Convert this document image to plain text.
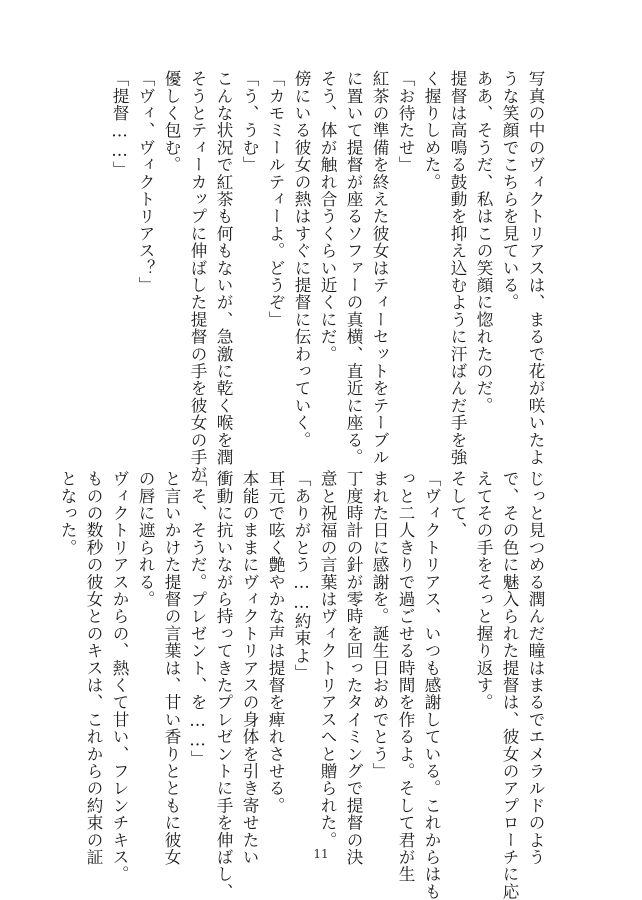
写真の中のヴィクトリアスは、まるで花が咲いたよ

うな笑顔でこちらを見ている。

ああ、そうだ、私はこの笑顔に惚れたのだ。

提督は高鳴る鼓動を抑え込むように汗ばんだ手を強

く握りしめた。

「お待たせ」

紅茶の準備を終えた彼女はティーセットをテーブル

に置いて提督が座るソファーの真横、直近に座る。

そう、体が触れ合うくらい近くにだ。

傍にいる彼女の熱はすぐに提督に伝わっていく。

「カモミールティーよ。どうぞ」

「う、うむ」

こんな状況で紅茶も何もないが、急激に乾く喉を潤

そうとティーカップに伸ばした提督の手を彼女の手が

優しく包む。

「ヴィ、ヴィクトリアス？」

「提督……」

じっと見つめる潤んだ瞳はまるでエメラルドのよう

で、その色に魅入られた提督は、彼女のアプローチに応

えてその手をそっと握り返す。

そして、

「ヴィクトリアス、いつも感謝している。これからはも

っと二人きりで過ごせる時間を作るよ。そして君が生

まれた日に感謝を。誕生日おめでとう」

丁度時計の針が零時を回ったタイミングで提督の決

意と祝福の言葉はヴィクトリアスへと贈られた。

「ありがとう……約束よ」

耳元で呟く艶やかな声は提督を痺れさせる。

本能のままにヴィクトリアスの身体を引き寄せたい

衝動に抗いながら持ってきたプレゼントに手を伸ばし、

「そ、そうだ。プレゼント、を……」

と言いかけた提督の言葉は、甘い香りとともに彼女

の唇に遮られる。

ヴィクトリアスからの、熱くて甘い、フレンチキス。

ものの数秒の彼女とのキスは、これからの約束の証

となった。

11
